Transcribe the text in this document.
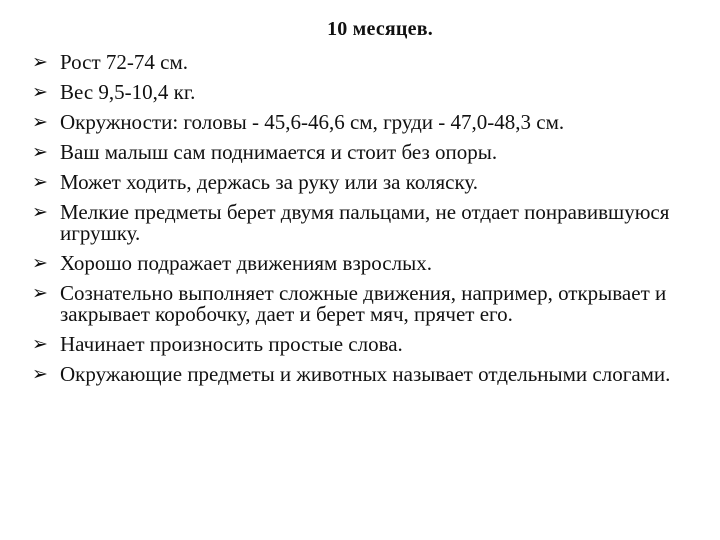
10 месяцев.
➢ Рост 72-74 см.
➢ Вес 9,5-10,4 кг.
➢ Окружности: головы - 45,6-46,6 см, груди - 47,0-48,3 см.
➢ Ваш малыш сам поднимается и стоит без опоры.
➢ Может ходить, держась за руку или за коляску.
➢ Мелкие предметы берет двумя пальцами, не отдает понравившуюся игрушку.
➢ Хорошо подражает движениям взрослых.
➢ Сознательно выполняет сложные движения, например, открывает и закрывает коробочку, дает и берет мяч, прячет его.
➢ Начинает произносить простые слова.
➢ Окружающие предметы и животных называет отдельными слогами.
